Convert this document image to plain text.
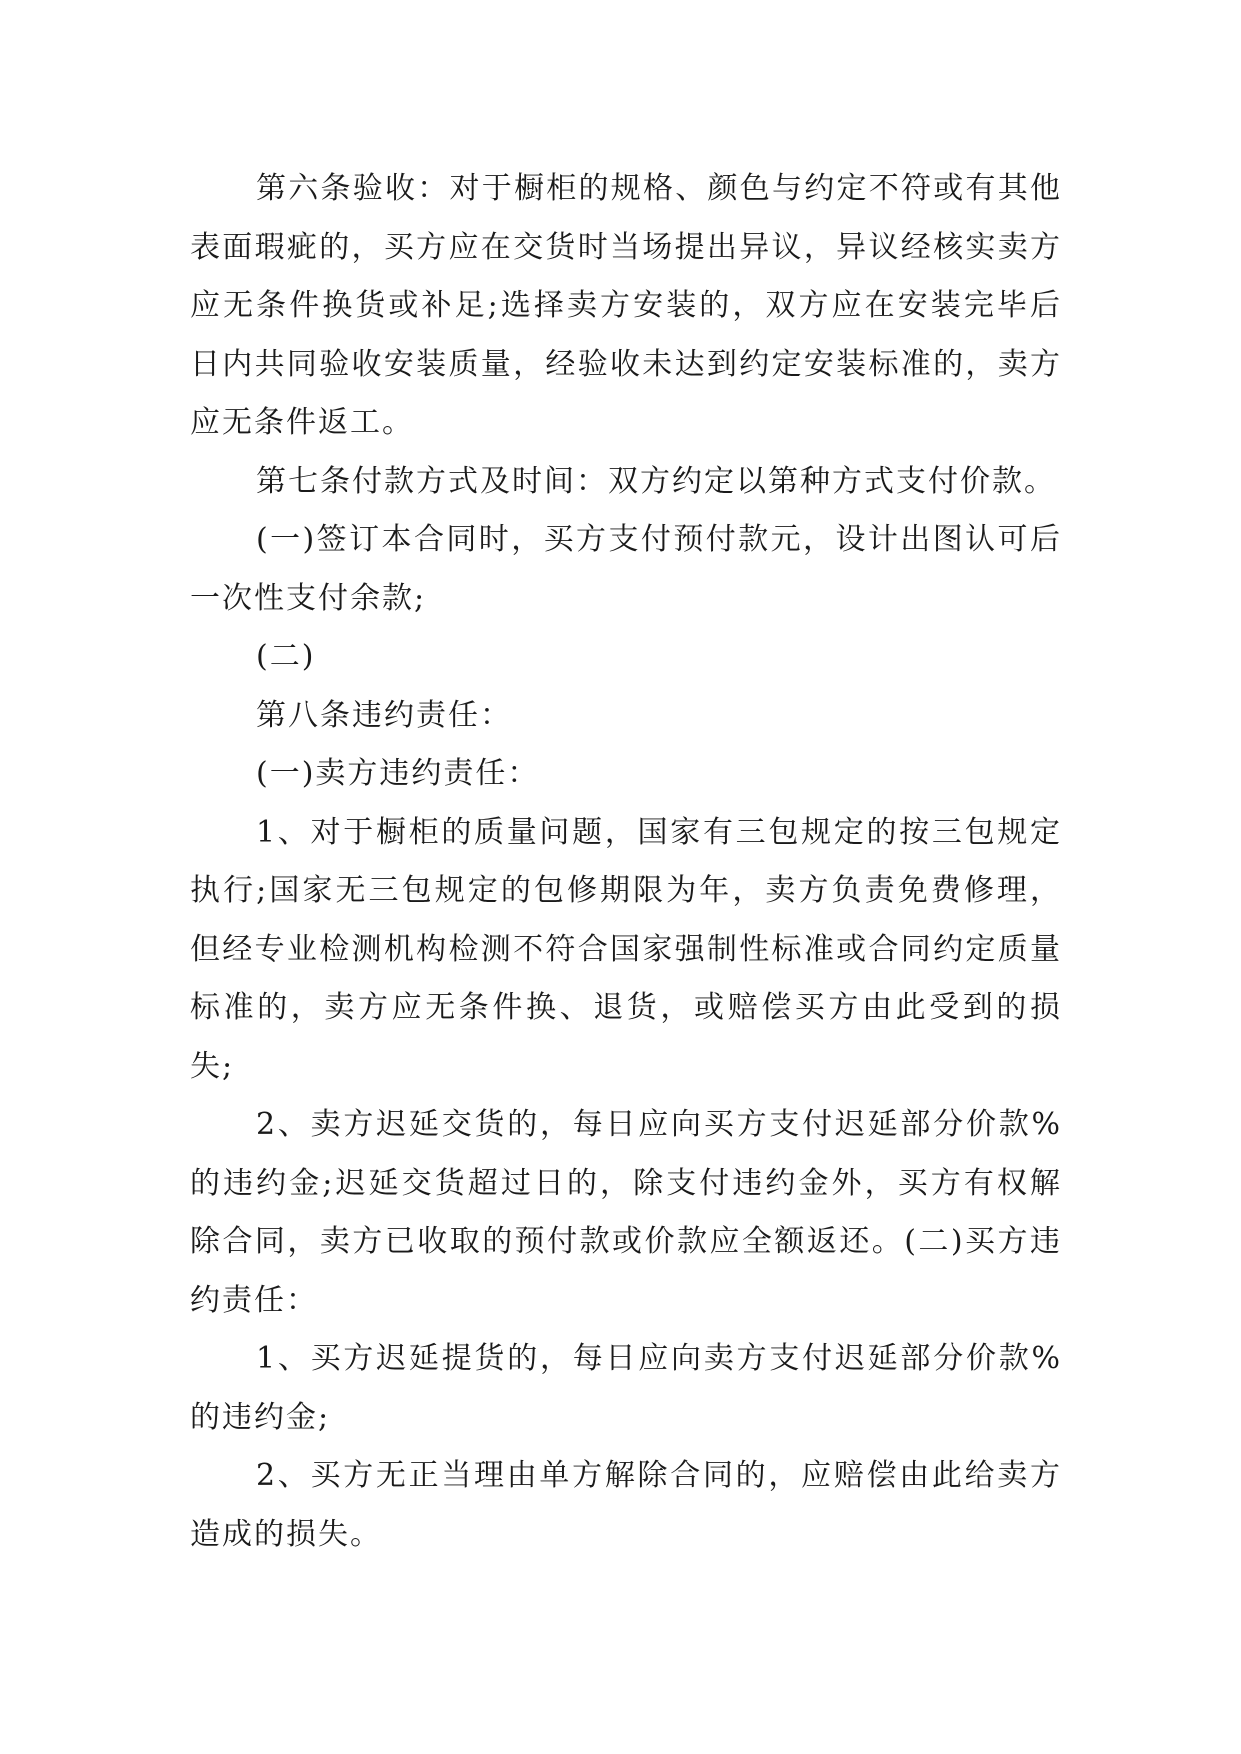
第六条验收：对于橱柜的规格、颜色与约定不符或有其他表面瑕疵的，买方应在交货时当场提出异议，异议经核实卖方应无条件换货或补足;选择卖方安装的，双方应在安装完毕后日内共同验收安装质量，经验收未达到约定安装标准的，卖方应无条件返工。

第七条付款方式及时间：双方约定以第种方式支付价款。

(一)签订本合同时，买方支付预付款元，设计出图认可后一次性支付余款;

(二)

第八条违约责任：

(一)卖方违约责任：

1、对于橱柜的质量问题，国家有三包规定的按三包规定执行;国家无三包规定的包修期限为年，卖方负责免费修理，但经专业检测机构检测不符合国家强制性标准或合同约定质量标准的，卖方应无条件换、退货，或赔偿买方由此受到的损失;

2、卖方迟延交货的，每日应向买方支付迟延部分价款%的违约金;迟延交货超过日的，除支付违约金外，买方有权解除合同，卖方已收取的预付款或价款应全额返还。(二)买方违约责任：

1、买方迟延提货的，每日应向卖方支付迟延部分价款%的违约金;

2、买方无正当理由单方解除合同的，应赔偿由此给卖方造成的损失。
